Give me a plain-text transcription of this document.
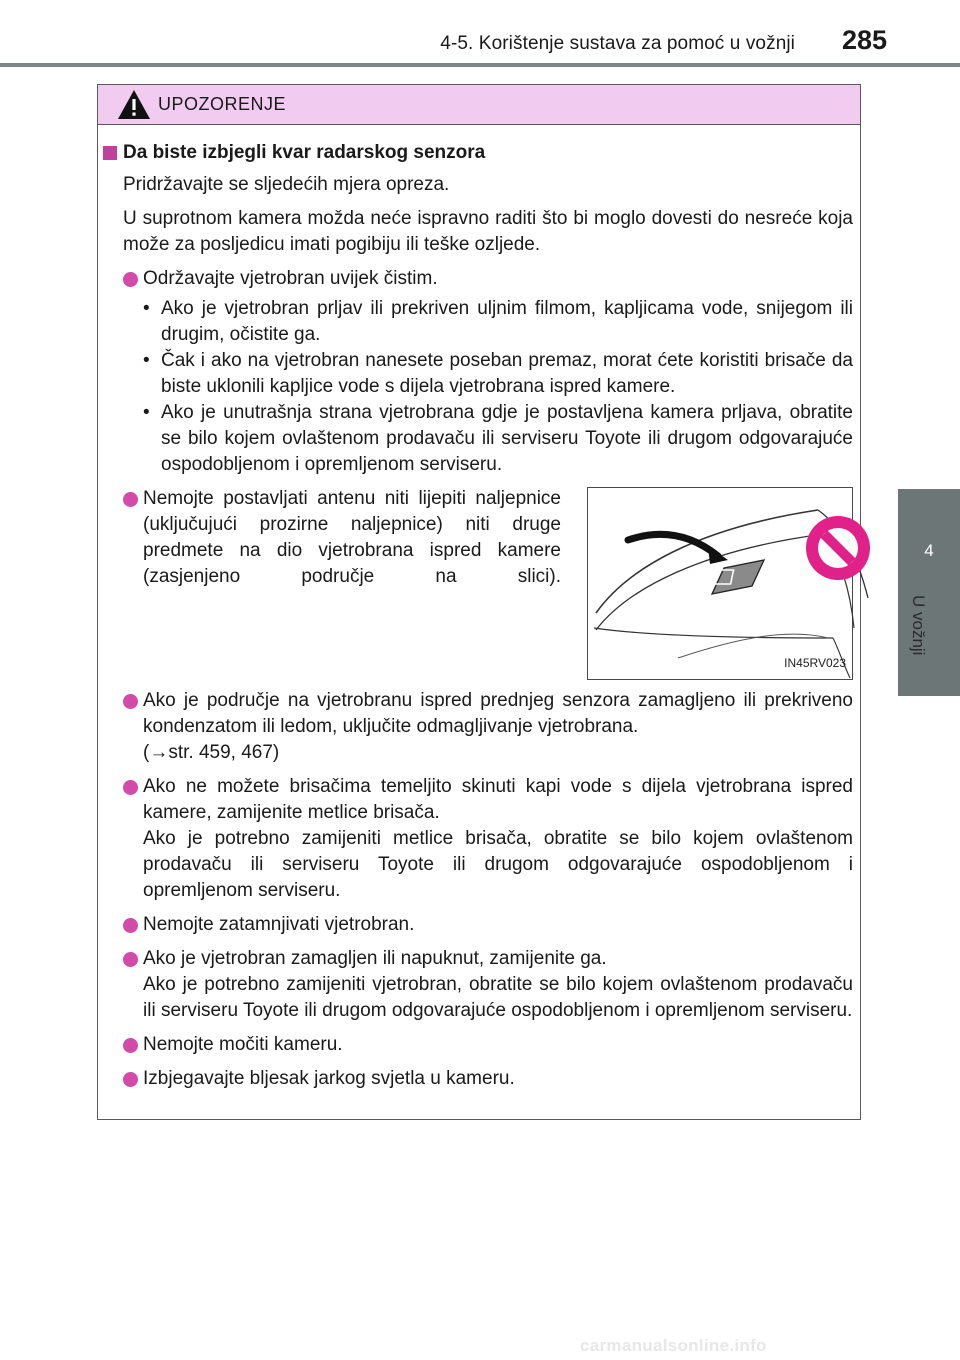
4-5. Korištenje sustava za pomoć u vožnji 285
4
U vožnji
UPOZORENJE
Da biste izbjegli kvar radarskog senzora
Pridržavajte se sljedećih mjera opreza.
U suprotnom kamera možda neće ispravno raditi što bi moglo dovesti do nesreće koja može za posljedicu imati pogibiju ili teške ozljede.
Održavajte vjetrobran uvijek čistim.
• Ako je vjetrobran prljav ili prekriven uljnim filmom, kapljicama vode, snijegom ili drugim, očistite ga.
• Čak i ako na vjetrobran nanesete poseban premaz, morat ćete koristiti brisače da biste uklonili kapljice vode s dijela vjetrobrana ispred kamere.
• Ako je unutrašnja strana vjetrobrana gdje je postavljena kamera prljava, obratite se bilo kojem ovlaštenom prodavaču ili serviseru Toyote ili drugom odgovarajuće ospodobljenom i opremljenom serviseru.
Nemojte postavljati antenu niti lijepiti naljepnice (uključujući prozirne naljepnice) niti druge predmete na dio vjetrobrana ispred kamere (zasjenjeno područje na slici).
IN45RV023
Ako je područje na vjetrobranu ispred prednjeg senzora zamagljeno ili prekriveno kondenzatom ili ledom, uključite odmagljivanje vjetrobrana.
(→str. 459, 467)
Ako ne možete brisačima temeljito skinuti kapi vode s dijela vjetrobrana ispred kamere, zamijenite metlice brisača.
Ako je potrebno zamijeniti metlice brisača, obratite se bilo kojem ovlaštenom prodavaču ili serviseru Toyote ili drugom odgovarajuće ospodobljenom i opremljenom serviseru.
Nemojte zatamnjivati vjetrobran.
Ako je vjetrobran zamagljen ili napuknut, zamijenite ga.
Ako je potrebno zamijeniti vjetrobran, obratite se bilo kojem ovlaštenom prodavaču ili serviseru Toyote ili drugom odgovarajuće ospodobljenom i opremljenom serviseru.
Nemojte močiti kameru.
Izbjegavajte bljesak jarkog svjetla u kameru.
carmanualsonline.info
